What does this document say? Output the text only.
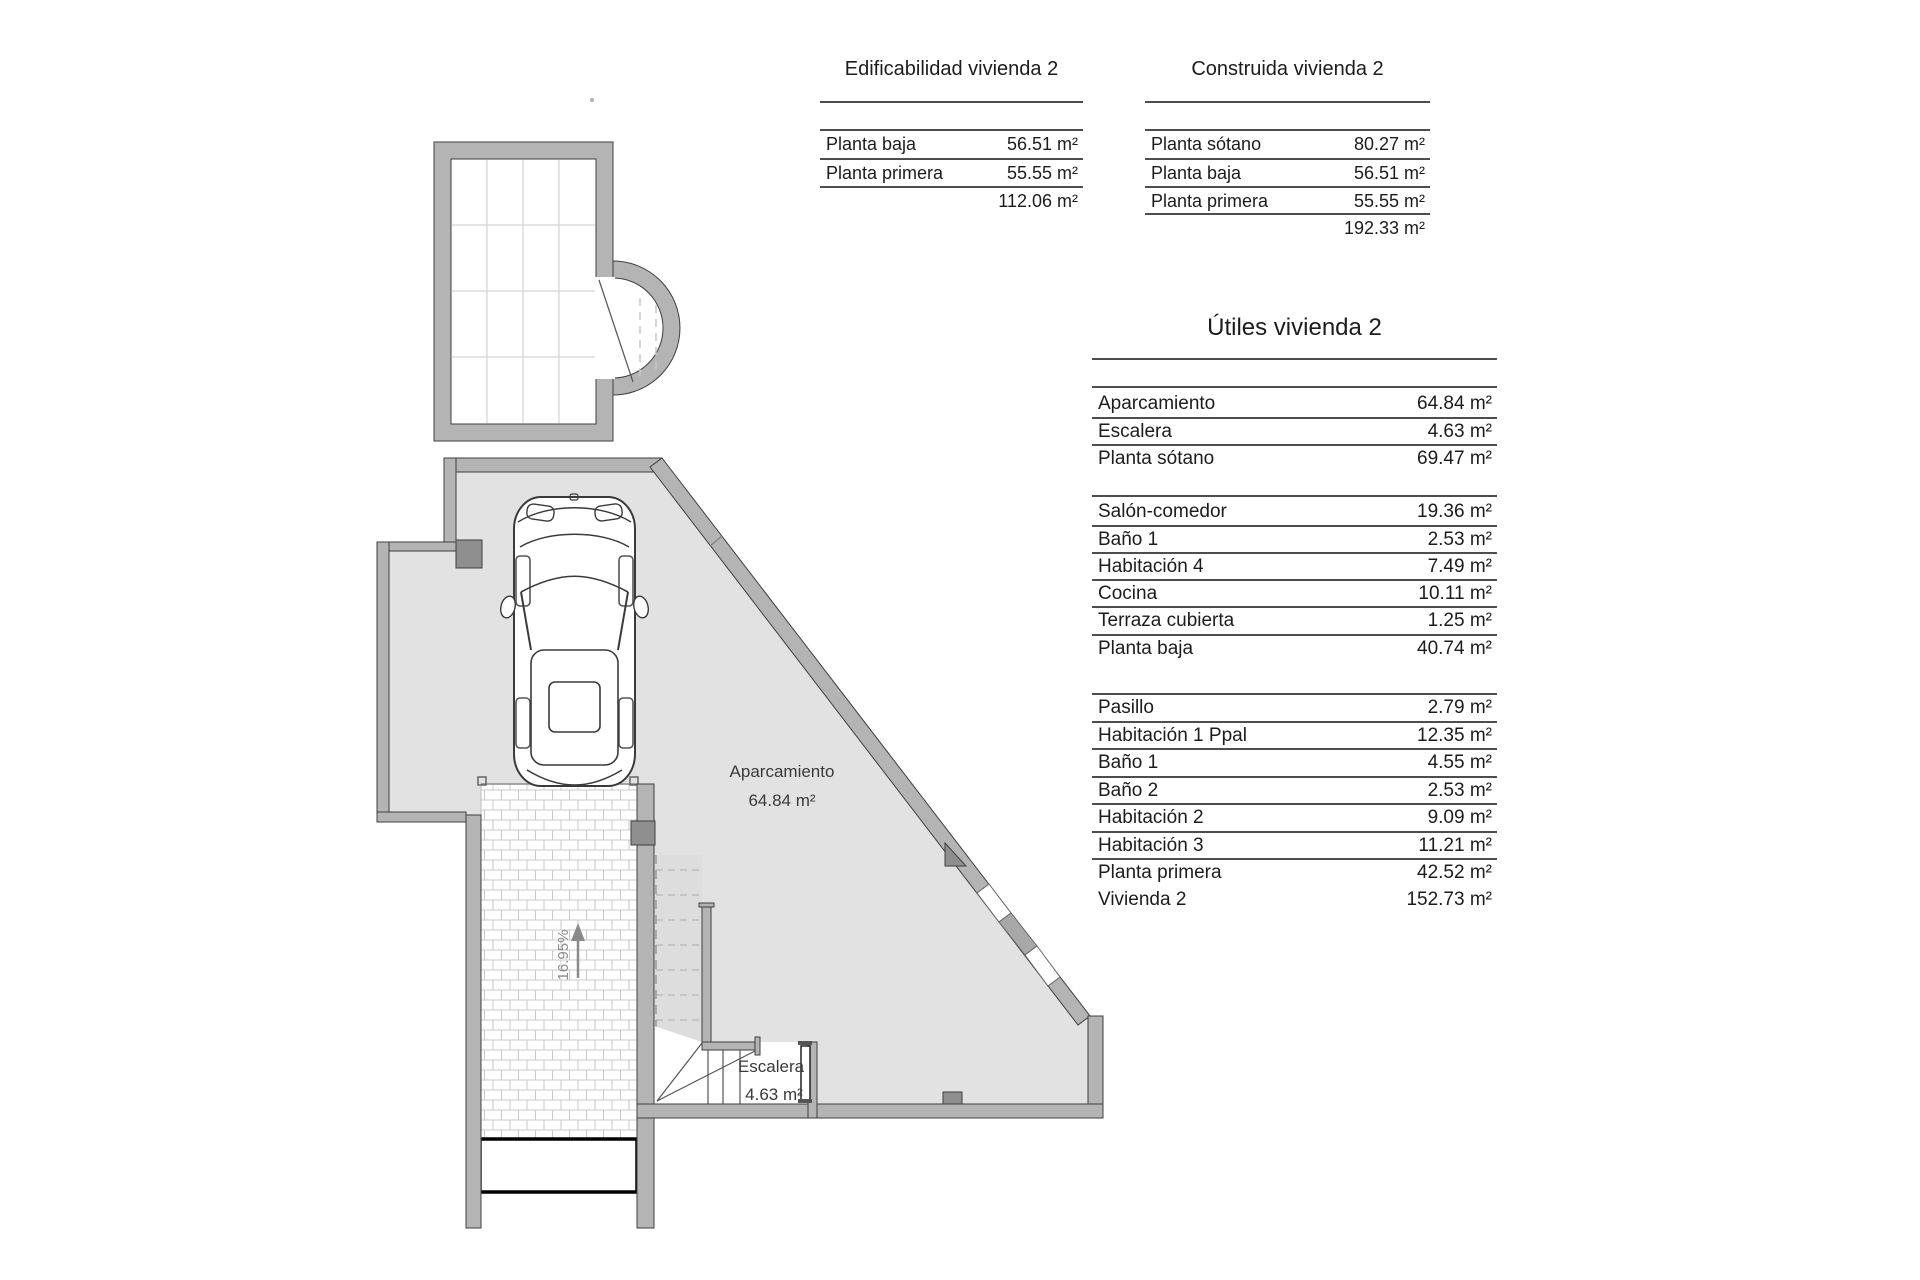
16.95%
Aparcamiento
64.84 m²
Escalera
4.63 m²
Edificabilidad vivienda 2
Planta baja	56.51 m²
Planta primera	55.55 m²
112.06 m²
Construida vivienda 2
Planta sótano	80.27 m²
Planta baja	56.51 m²
Planta primera	55.55 m²
192.33 m²
Útiles vivienda 2
Aparcamiento	64.84 m²
Escalera	4.63 m²
Planta sótano	69.47 m²
Salón-comedor	19.36 m²
Baño 1	2.53 m²
Habitación 4	7.49 m²
Cocina	10.11 m²
Terraza cubierta	1.25 m²
Planta baja	40.74 m²
Pasillo	2.79 m²
Habitación 1 Ppal	12.35 m²
Baño 1	4.55 m²
Baño 2	2.53 m²
Habitación 2	9.09 m²
Habitación 3	11.21 m²
Planta primera	42.52 m²
Vivienda 2	152.73 m²
